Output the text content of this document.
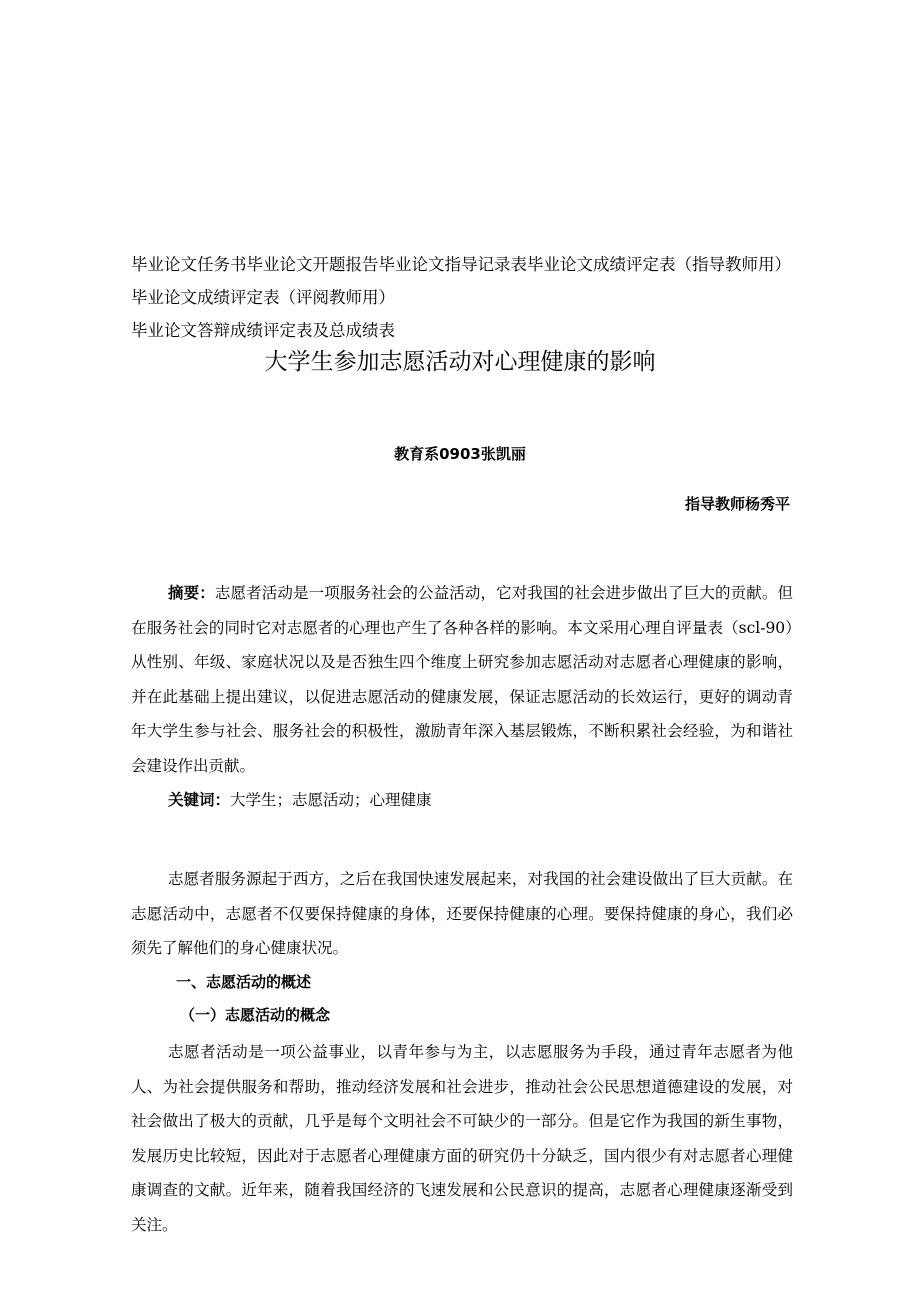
毕业论文任务书毕业论文开题报告毕业论文指导记录表毕业论文成绩评定表（指导教师用）毕业论文成绩评定表（评阅教师用）

毕业论文答辩成绩评定表及总成绩表

大学生参加志愿活动对心理健康的影响
教育系0903张凯丽
指导教师杨秀平

摘要：志愿者活动是一项服务社会的公益活动，它对我国的社会进步做出了巨大的贡献。但在服务社会的同时它对志愿者的心理也产生了各种各样的影响。本文采用心理自评量表（scl-90）从性别、年级、家庭状况以及是否独生四个维度上研究参加志愿活动对志愿者心理健康的影响，并在此基础上提出建议，以促进志愿活动的健康发展，保证志愿活动的长效运行，更好的调动青年大学生参与社会、服务社会的积极性，激励青年深入基层锻炼，不断积累社会经验，为和谐社会建设作出贡献。

关键词：大学生；志愿活动；心理健康

志愿者服务源起于西方，之后在我国快速发展起来，对我国的社会建设做出了巨大贡献。在志愿活动中，志愿者不仅要保持健康的身体，还要保持健康的心理。要保持健康的身心，我们必须先了解他们的身心健康状况。

一、志愿活动的概述
（一）志愿活动的概念

志愿者活动是一项公益事业，以青年参与为主，以志愿服务为手段，通过青年志愿者为他人、为社会提供服务和帮助，推动经济发展和社会进步，推动社会公民思想道德建设的发展，对社会做出了极大的贡献，几乎是每个文明社会不可缺少的一部分。但是它作为我国的新生事物，发展历史比较短，因此对于志愿者心理健康方面的研究仍十分缺乏，国内很少有对志愿者心理健康调查的文献。近年来，随着我国经济的飞速发展和公民意识的提高，志愿者心理健康逐渐受到关注。
